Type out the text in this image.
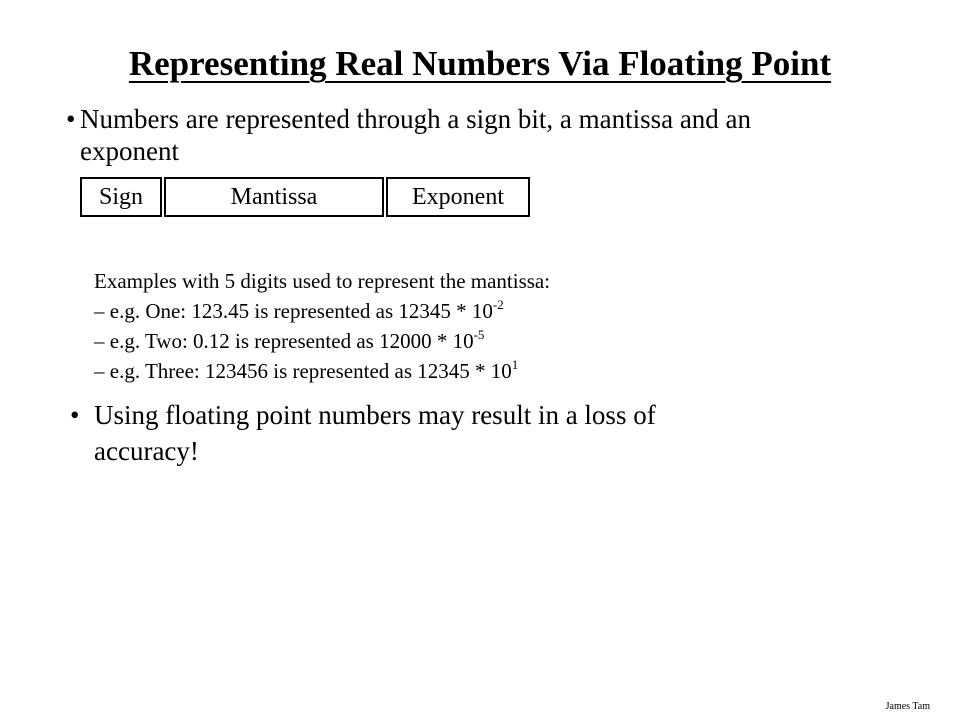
Representing Real Numbers Via Floating Point
• Numbers are represented through a sign bit, a mantissa and an
exponent
Sign	Mantissa	Exponent
Examples with 5 digits used to represent the mantissa:
– e.g. One: 123.45 is represented as $12345 * 10^{-2}$
– e.g. Two: 0.12 is represented as $12000 * 10^{-5}$
– e.g. Three: 123456 is represented as $12345 * 10^1$
• Using floating point numbers may result in a loss of
accuracy!
James Tam
